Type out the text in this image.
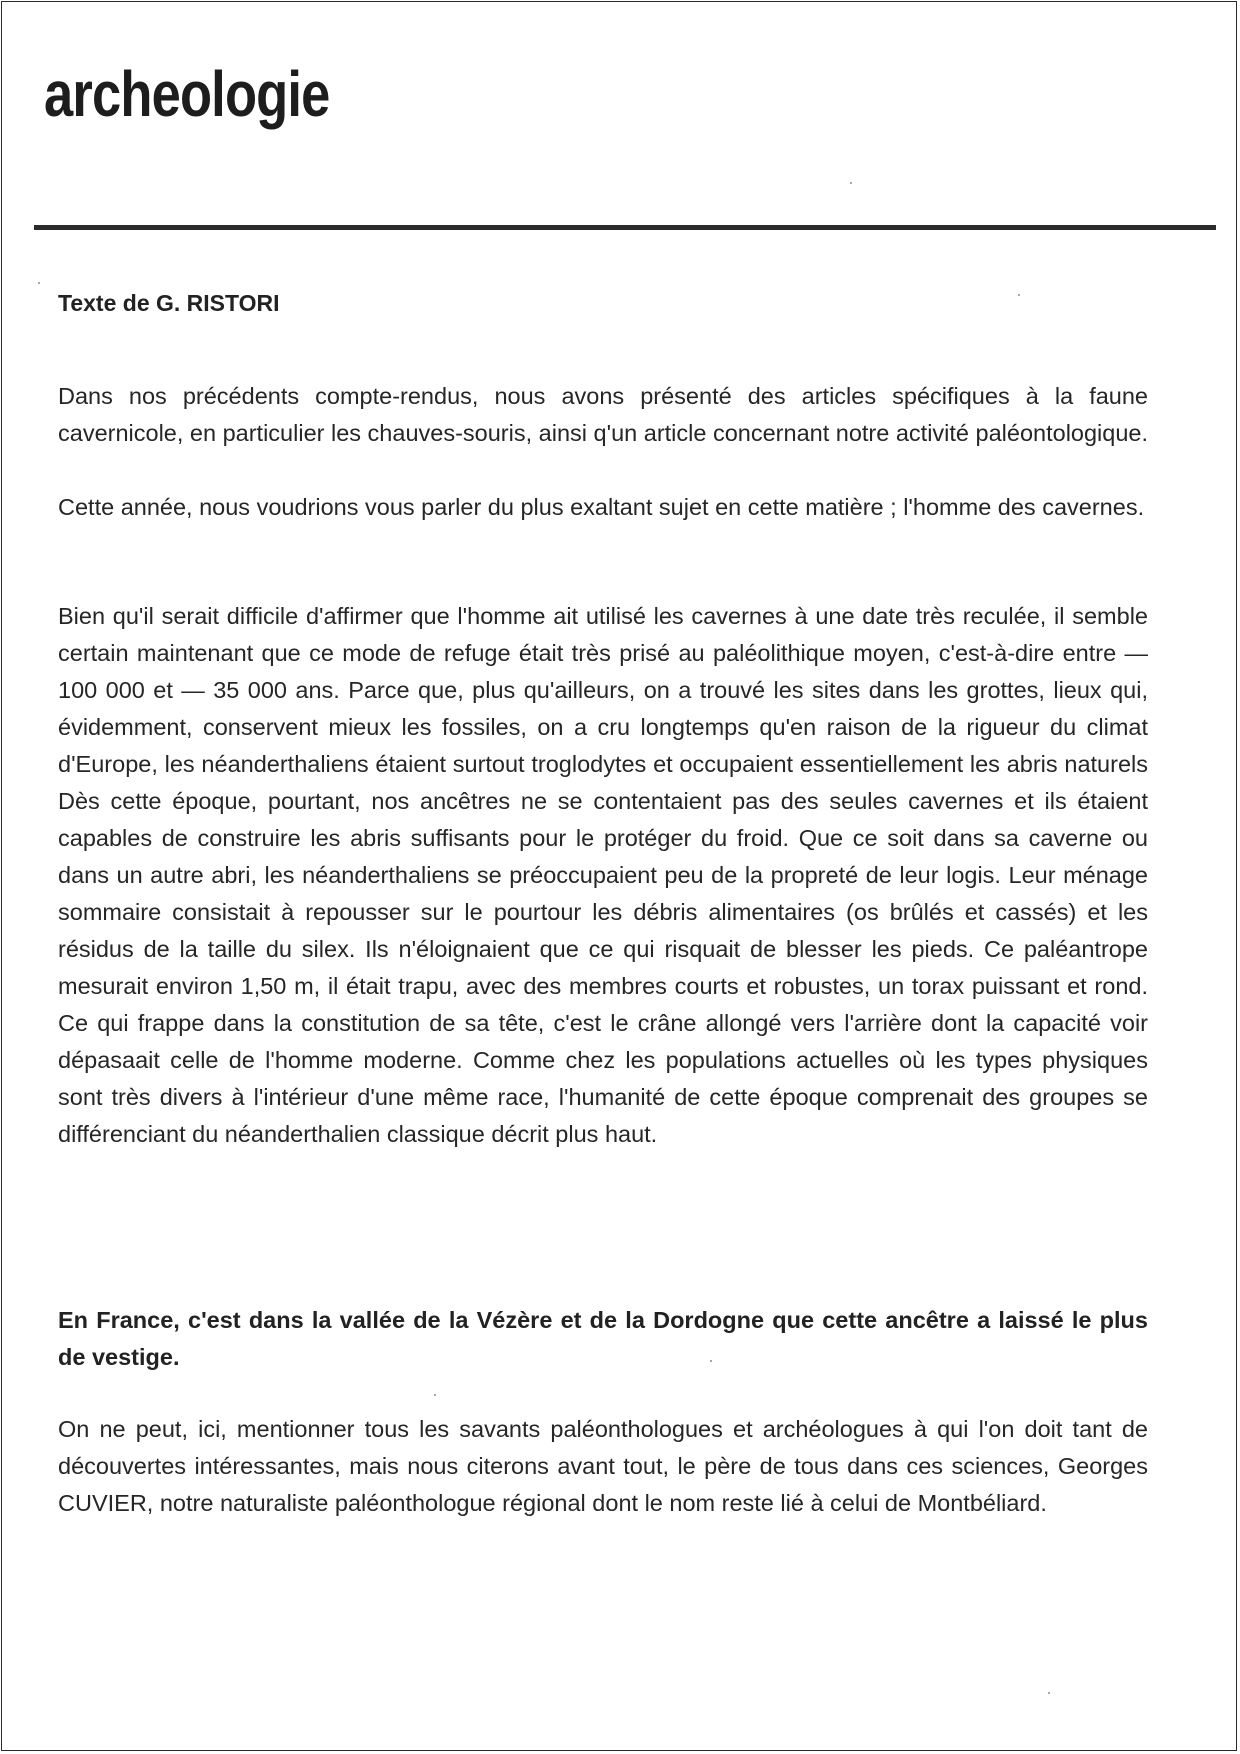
archeologie

Texte de G. RISTORI

Dans nos précédents compte-rendus, nous avons présenté des articles spécifiques à la faune cavernicole, en particulier les chauves-souris, ainsi q'un article concernant notre activité paléontologique.

Cette année, nous voudrions vous parler du plus exaltant sujet en cette matière ; l'homme des cavernes.

Bien qu'il serait difficile d'affirmer que l'homme ait utilisé les cavernes à une date très reculée, il semble certain maintenant que ce mode de refuge était très prisé au paléolithique moyen, c'est-à-dire entre — 100 000 et — 35 000 ans. Parce que, plus qu'ailleurs, on a trouvé les sites dans les grottes, lieux qui, évidemment, conservent mieux les fossiles, on a cru longtemps qu'en raison de la rigueur du climat d'Europe, les néanderthaliens étaient surtout troglodytes et occupaient essentiellement les abris naturels Dès cette époque, pourtant, nos ancêtres ne se contentaient pas des seules cavernes et ils étaient capables de construire les abris suffisants pour le protéger du froid. Que ce soit dans sa caverne ou dans un autre abri, les néanderthaliens se préoccupaient peu de la propreté de leur logis. Leur ménage sommaire consistait à repousser sur le pourtour les débris alimentaires (os brûlés et cassés) et les résidus de la taille du silex. Ils n'éloignaient que ce qui risquait de blesser les pieds. Ce paléantrope mesurait environ 1,50 m, il était trapu, avec des membres courts et robustes, un torax puissant et rond. Ce qui frappe dans la constitution de sa tête, c'est le crâne allongé vers l'arrière dont la capacité voir dépasaait celle de l'homme moderne. Comme chez les populations actuelles où les types physiques sont très divers à l'intérieur d'une même race, l'humanité de cette époque comprenait des groupes se différenciant du néanderthalien classique décrit plus haut.

En France, c'est dans la vallée de la Vézère et de la Dordogne que cette ancêtre a laissé le plus de vestige.

On ne peut, ici, mentionner tous les savants paléonthologues et archéologues à qui l'on doit tant de découvertes intéressantes, mais nous citerons avant tout, le père de tous dans ces sciences, Georges CUVIER, notre naturaliste paléonthologue régional dont le nom reste lié à celui de Montbéliard.
